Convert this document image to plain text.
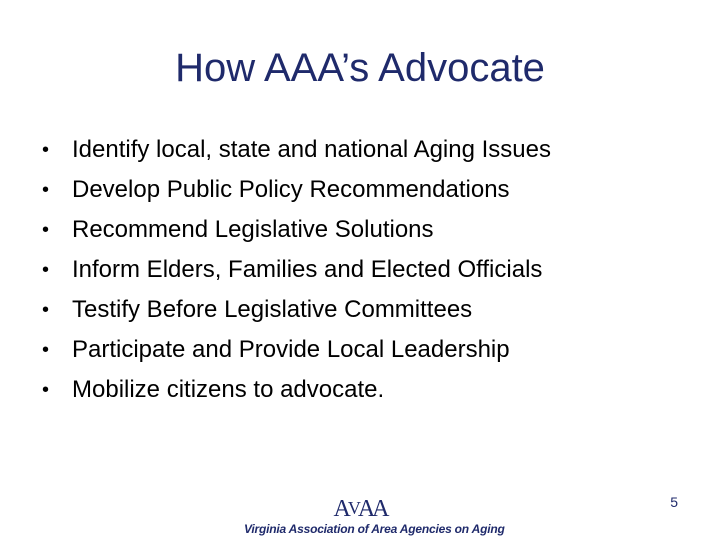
How AAA’s Advocate
• Identify local, state and national Aging Issues
• Develop Public Policy Recommendations
• Recommend Legislative Solutions
• Inform Elders, Families and Elected Officials
• Testify Before Legislative Committees
• Participate and Provide Local Leadership
• Mobilize citizens to advocate.
AVAA
Virginia Association of Area Agencies on Aging
5
